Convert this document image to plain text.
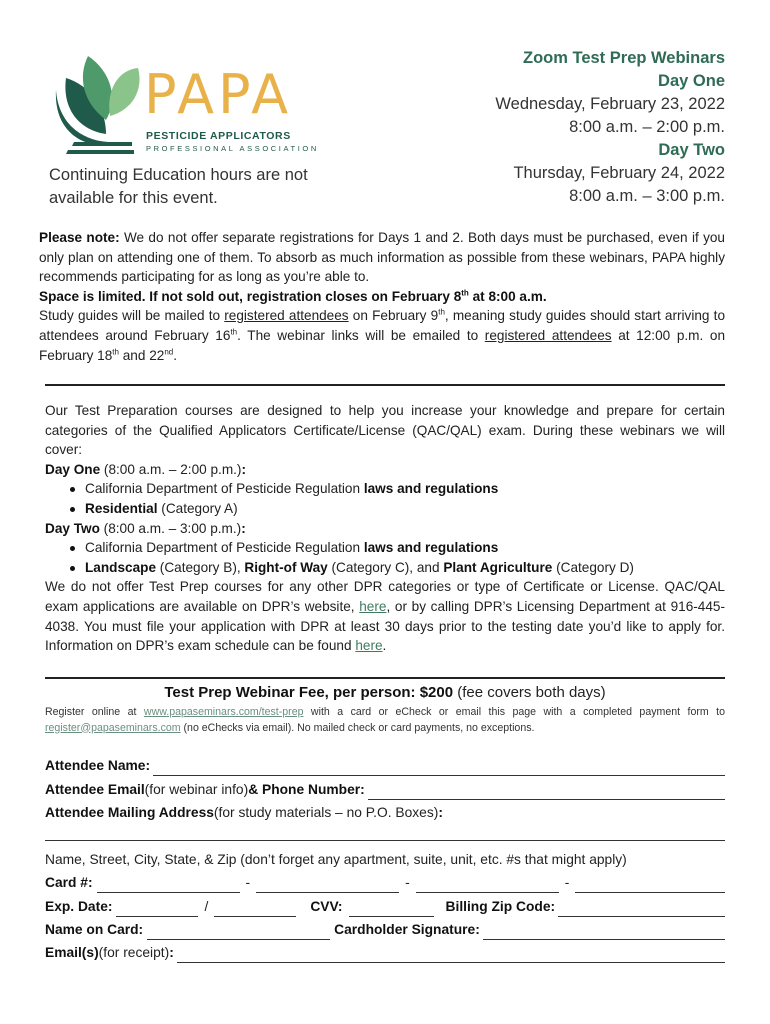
PAPA
PESTICIDE APPLICATORS
PROFESSIONAL ASSOCIATION
Continuing Education hours are not available for this event.
Zoom Test Prep Webinars
Day One
Wednesday, February 23, 2022
8:00 a.m. – 2:00 p.m.
Day Two
Thursday, February 24, 2022
8:00 a.m. – 3:00 p.m.

Please note: We do not offer separate registrations for Days 1 and 2. Both days must be purchased, even if you only plan on attending one of them. To absorb as much information as possible from these webinars, PAPA highly recommends participating for as long as you’re able to.

Space is limited. If not sold out, registration closes on February 8th at 8:00 a.m.

Study guides will be mailed to registered attendees on February 9th, meaning study guides should start arriving to attendees around February 16th. The webinar links will be emailed to registered attendees at 12:00 p.m. on February 18th and 22nd.

Our Test Preparation courses are designed to help you increase your knowledge and prepare for certain categories of the Qualified Applicators Certificate/License (QAC/QAL) exam. During these webinars we will cover:

Day One (8:00 a.m. – 2:00 p.m.):
California Department of Pesticide Regulation laws and regulations
Residential (Category A)
Day Two (8:00 a.m. – 3:00 p.m.):
California Department of Pesticide Regulation laws and regulations
Landscape (Category B), Right-of Way (Category C), and Plant Agriculture (Category D)

We do not offer Test Prep courses for any other DPR categories or type of Certificate or License. QAC/QAL exam applications are available on DPR’s website, here, or by calling DPR’s Licensing Department at 916-445-4038. You must file your application with DPR at least 30 days prior to the testing date you’d like to apply for. Information on DPR’s exam schedule can be found here.

Test Prep Webinar Fee, per person: $200 (fee covers both days)
Register online at www.papaseminars.com/test-prep with a card or eCheck or email this page with a completed payment form to register@papaseminars.com (no eChecks via email). No mailed check or card payments, no exceptions.
Attendee Name:
Attendee Email (for webinar info) & Phone Number:
Attendee Mailing Address (for study materials – no P.O. Boxes) :
Name, Street, City, State, & Zip (don’t forget any apartment, suite, unit, etc. #s that might apply)
Card #:	-	-	-
Exp. Date:	/	CVV:	Billing Zip Code:
Name on Card:	Cardholder Signature:
Email(s) (for receipt) :
